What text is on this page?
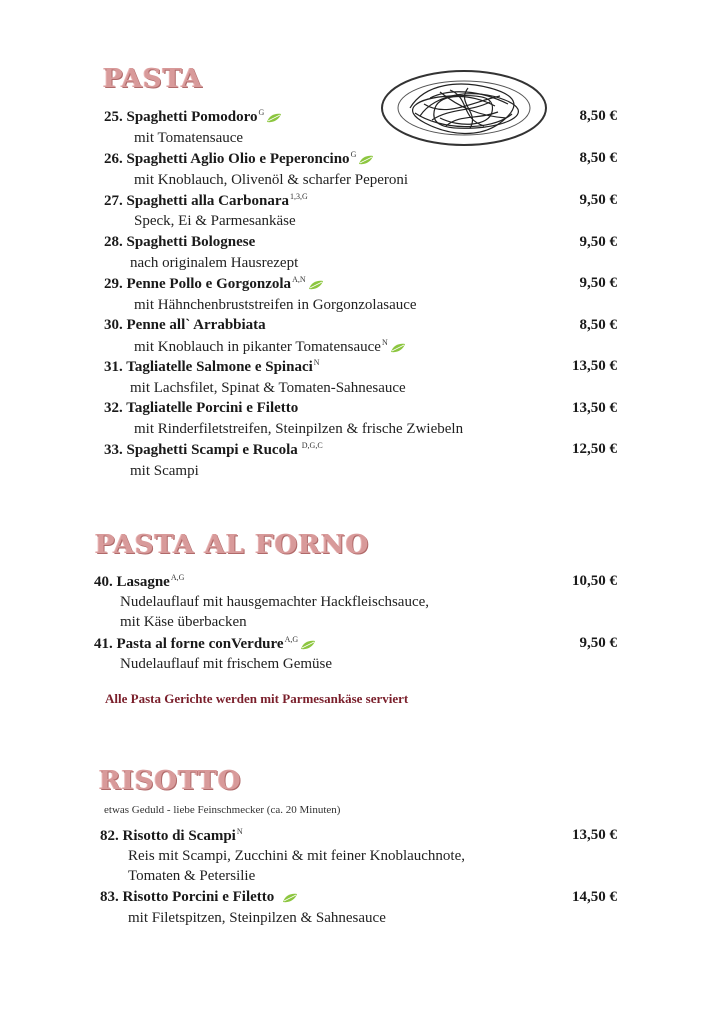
PASTA
25. Spaghetti Pomodoro$^G$
mit Tomatensauce
8,50 €
26. Spaghetti Aglio Olio e Peperoncino$^G$
mit Knoblauch, Olivenöl & scharfer Peperoni
8,50 €
27. Spaghetti alla Carbonara$^{1,3,G}$
Speck, Ei & Parmesankäse
9,50 €
28. Spaghetti Bolognese
nach originalem Hausrezept
9,50 €
29. Penne Pollo e Gorgonzola$^{A,N}$
mit Hähnchenbruststreifen in Gorgonzolasauce
9,50 €
30. Penne all` Arrabbiata
mit Knoblauch in pikanter Tomatensauce$^N$
8,50 €
31. Tagliatelle Salmone e Spinaci$^N$
mit Lachsfilet, Spinat & Tomaten-Sahnesauce
13,50 €
32. Tagliatelle Porcini e Filetto
mit Rinderfiletstreifen, Steinpilzen & frische Zwiebeln
13,50 €
33. Spaghetti Scampi e Rucola $^{D,G,C}$
mit Scampi
12,50 €
PASTA AL FORNO
40. Lasagne$^{A,G}$
Nudelauflauf mit hausgemachter Hackfleischsauce,
mit Käse überbacken
10,50 €
41. Pasta al forne conVerdure$^{A,G}$
Nudelauflauf mit frischem Gemüse
9,50 €
Alle Pasta Gerichte werden mit Parmesankäse serviert
RISOTTO
etwas Geduld - liebe Feinschmecker (ca. 20 Minuten)
82. Risotto di Scampi$^N$
Reis mit Scampi, Zucchini & mit feiner Knoblauchnote,
Tomaten & Petersilie
13,50 €
83. Risotto Porcini e Filetto
mit Filetspitzen, Steinpilzen & Sahnesauce
14,50 €
